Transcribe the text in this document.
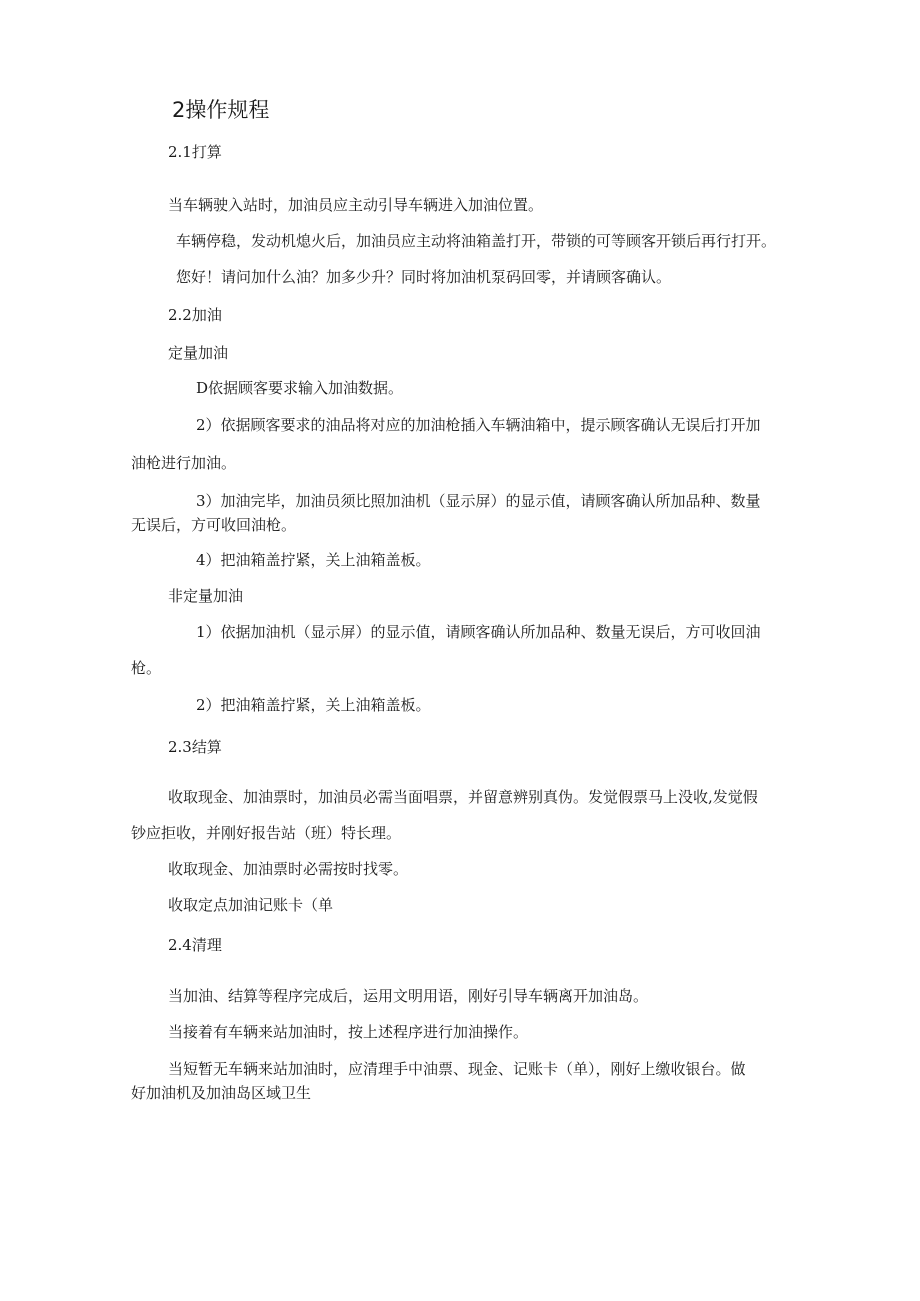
2操作规程
2.1打算
当车辆驶入站时，加油员应主动引导车辆进入加油位置。
车辆停稳，发动机熄火后，加油员应主动将油箱盖打开，带锁的可等顾客开锁后再行打开。
您好！请问加什么油？加多少升？同时将加油机泵码回零，并请顾客确认。
2.2加油
定量加油
D依据顾客要求输入加油数据。
2）依据顾客要求的油品将对应的加油枪插入车辆油箱中，提示顾客确认无误后打开加
油枪进行加油。
3）加油完毕，加油员须比照加油机（显示屏）的显示值，请顾客确认所加品种、数量
无误后，方可收回油枪。
4）把油箱盖拧紧，关上油箱盖板。
非定量加油
1）依据加油机（显示屏）的显示值，请顾客确认所加品种、数量无误后，方可收回油
枪。
2）把油箱盖拧紧，关上油箱盖板。
2.3结算
收取现金、加油票时，加油员必需当面唱票，并留意辨别真伪。发觉假票马上没收,发觉假
钞应拒收，并刚好报告站（班）特长理。
收取现金、加油票时必需按时找零。
收取定点加油记账卡（单
2.4清理
当加油、结算等程序完成后，运用文明用语，刚好引导车辆离开加油岛。
当接着有车辆来站加油时，按上述程序进行加油操作。
当短暂无车辆来站加油时，应清理手中油票、现金、记账卡（单），刚好上缴收银台。做
好加油机及加油岛区域卫生
